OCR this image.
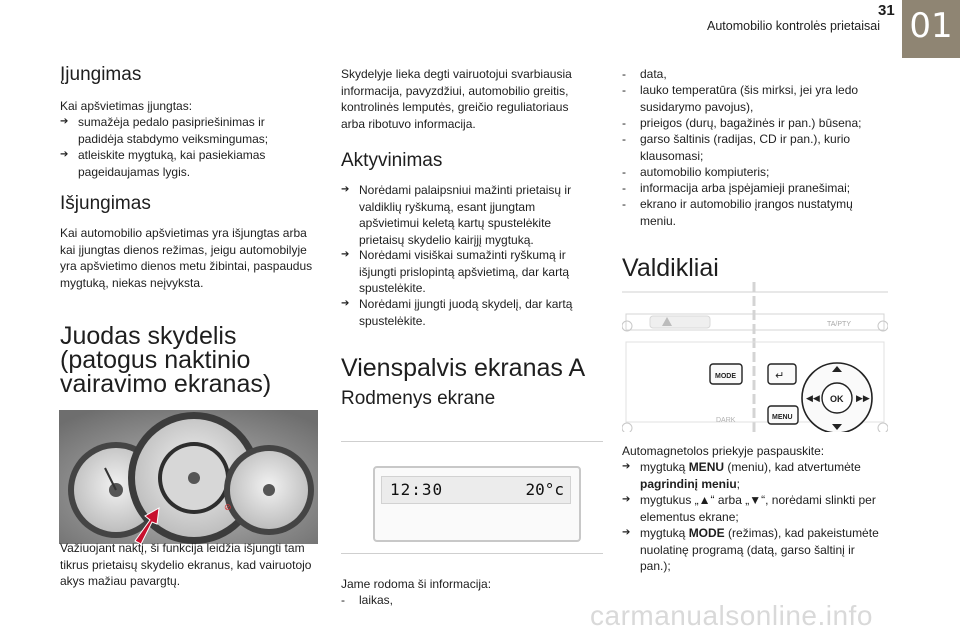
31
Automobilio kontrolės prietaisai 01
Įjungimas
Kai apšvietimas įjungtas:
➔ sumažėja pedalo pasipriešinimas ir padidėja stabdymo veiksmingumas;
➔ atleiskite mygtuką, kai pasiekiamas pageidaujamas lygis.
Išjungimas
Kai automobilio apšvietimas yra išjungtas arba kai įjungtas dienos režimas, jeigu automobilyje yra apšvietimo dienos metu žibintai, paspaudus mygtuką, niekas neįvyksta.
Juodas skydelis (patogus naktinio vairavimo ekranas)
⊘
Važiuojant naktį, ši funkcija leidžia išjungti tam tikrus prietaisų skydelio ekranus, kad vairuotojo akys mažiau pavargtų.
Skydelyje lieka degti vairuotojui svarbiausia informacija, pavyzdžiui, automobilio greitis, kontrolinės lemputės, greičio reguliatoriaus arba ribotuvo informacija.
Aktyvinimas
➔ Norėdami palaipsniui mažinti prietaisų ir valdiklių ryškumą, esant įjungtam apšvietimui keletą kartų spustelėkite prietaisų skydelio kairįjį mygtuką.
➔ Norėdami visiškai sumažinti ryškumą ir išjungti prislopintą apšvietimą, dar kartą spustelėkite.
➔ Norėdami įjungti juodą skydelį, dar kartą spustelėkite.
Vienspalvis ekranas A
Rodmenys ekrane
12:30	20°c
Jame rodoma ši informacija:
-	laikas,
-	data,
-	lauko temperatūra (šis mirksi, jei yra ledo susidarymo pavojus),
-	prieigos (durų, bagažinės ir pan.) būsena;
-	garso šaltinis (radijas, CD ir pan.), kurio klausomasi;
-	automobilio kompiuteris;
-	informacija arba įspėjamieji pranešimai;
-	ekrano ir automobilio įrangos nustatymų meniu.
Valdikliai
TA/PTY
MODE
DARK
↵
MENU
OK
◀◀	▶▶
Automagnetolos priekyje paspauskite:
➔ mygtuką MENU (meniu), kad atvertumėte pagrindinį meniu;
➔ mygtukus „▲“ arba „▼“, norėdami slinkti per elementus ekrane;
➔ mygtuką MODE (režimas), kad pakeistumėte nuolatinę programą (datą, garso šaltinį ir pan.);
carmanualsonline.info
